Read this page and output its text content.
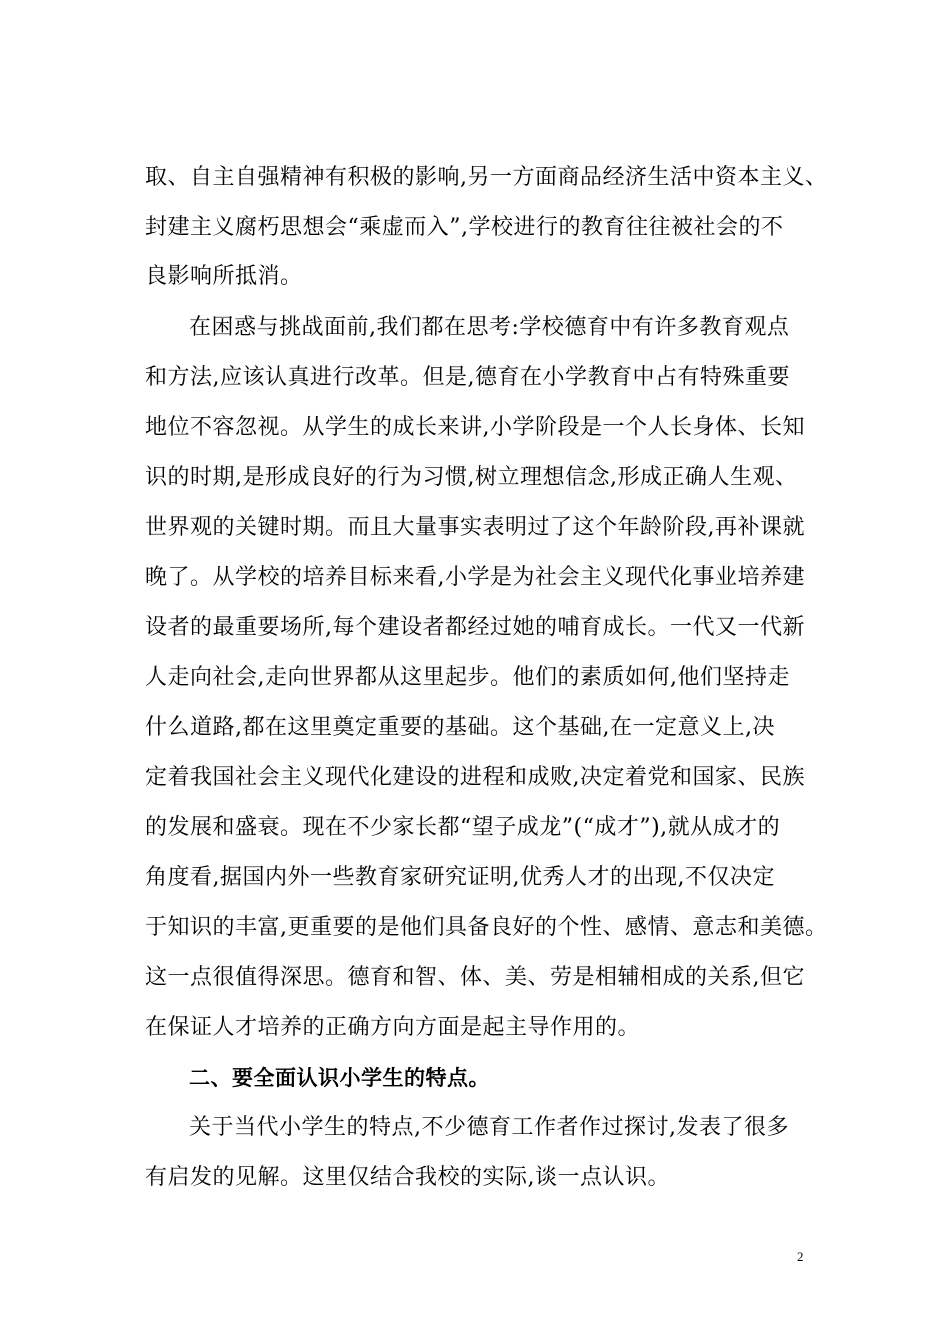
取、自主自强精神有积极的影响,另一方面商品经济生活中资本主义、
封建主义腐朽思想会“乘虚而入”,学校进行的教育往往被社会的不
良影响所抵消。
在困惑与挑战面前,我们都在思考:学校德育中有许多教育观点
和方法,应该认真进行改革。但是,德育在小学教育中占有特殊重要
地位不容忽视。从学生的成长来讲,小学阶段是一个人长身体、长知
识的时期,是形成良好的行为习惯,树立理想信念,形成正确人生观、
世界观的关键时期。而且大量事实表明过了这个年龄阶段,再补课就
晚了。从学校的培养目标来看,小学是为社会主义现代化事业培养建
设者的最重要场所,每个建设者都经过她的哺育成长。一代又一代新
人走向社会,走向世界都从这里起步。他们的素质如何,他们坚持走
什么道路,都在这里奠定重要的基础。这个基础,在一定意义上,决
定着我国社会主义现代化建设的进程和成败,决定着党和国家、民族
的发展和盛衰。现在不少家长都“望子成龙”(“成才”),就从成才的
角度看,据国内外一些教育家研究证明,优秀人才的出现,不仅决定
于知识的丰富,更重要的是他们具备良好的个性、感情、意志和美德。
这一点很值得深思。德育和智、体、美、劳是相辅相成的关系,但它
在保证人才培养的正确方向方面是起主导作用的。
二、要全面认识小学生的特点。
关于当代小学生的特点,不少德育工作者作过探讨,发表了很多
有启发的见解。这里仅结合我校的实际,谈一点认识。
2
